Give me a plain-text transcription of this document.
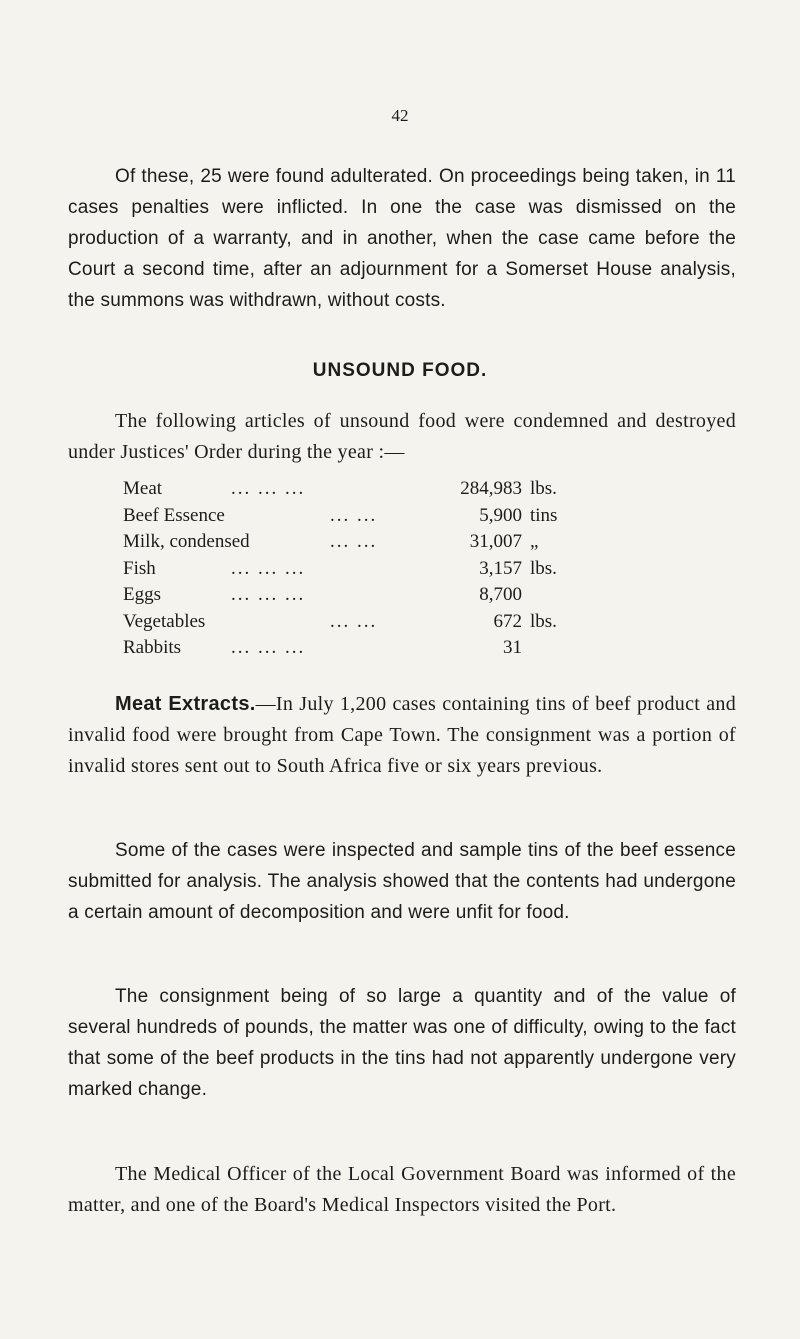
42

Of these, 25 were found adulterated. On proceedings being taken, in 11 cases penalties were inflicted. In one the case was dismissed on the production of a warranty, and in another, when the case came before the Court a second time, after an adjournment for a Somerset House analysis, the summons was withdrawn, without costs.

UNSOUND FOOD.

The following articles of unsound food were condemned and destroyed under Justices' Order during the year :—

Meat	... ... ...	284,983 lbs.
Beef Essence	... ...	5,900 tins
Milk, condensed	... ...	31,007 „
Fish	... ... ...	3,157 lbs.
Eggs	... ... ...	8,700
Vegetables	... ...	672 lbs.
Rabbits	... ... ...	31

Meat Extracts.—In July 1,200 cases containing tins of beef product and invalid food were brought from Cape Town. The consignment was a portion of invalid stores sent out to South Africa five or six years previous.

Some of the cases were inspected and sample tins of the beef essence submitted for analysis. The analysis showed that the contents had undergone a certain amount of decomposition and were unfit for food.

The consignment being of so large a quantity and of the value of several hundreds of pounds, the matter was one of difficulty, owing to the fact that some of the beef products in the tins had not apparently undergone very marked change.

The Medical Officer of the Local Government Board was informed of the matter, and one of the Board's Medical Inspectors visited the Port.
